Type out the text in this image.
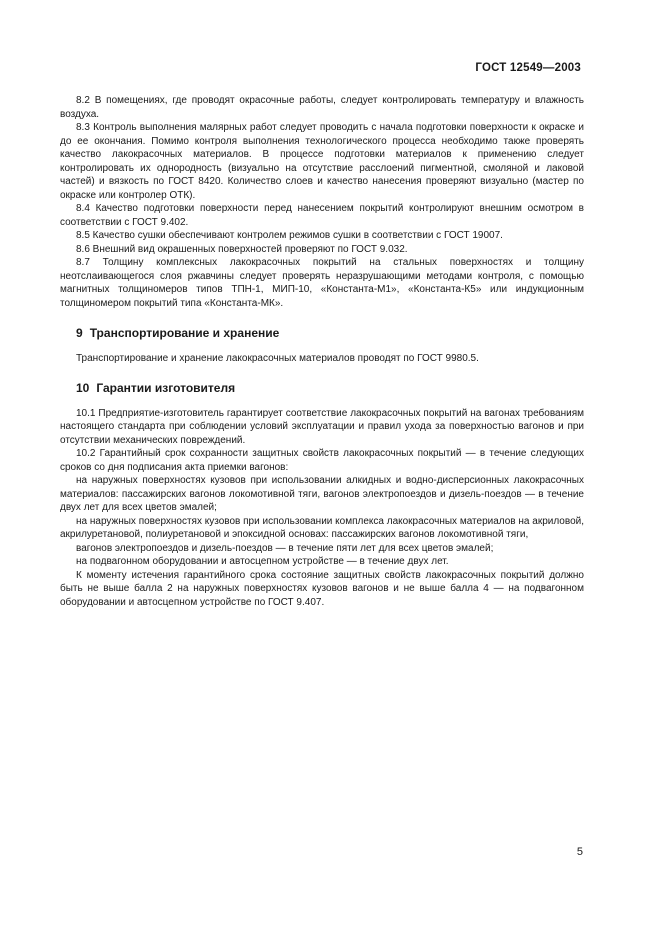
ГОСТ 12549—2003

8.2 В помещениях, где проводят окрасочные работы, следует контролировать температуру и влажность воздуха.

8.3 Контроль выполнения малярных работ следует проводить с начала подготовки поверхности к окраске и до ее окончания. Помимо контроля выполнения технологического процесса необходимо также проверять качество лакокрасочных материалов. В процессе подготовки материалов к применению следует контролировать их однородность (визуально на отсутствие расслоений пигментной, смоляной и лаковой частей) и вязкость по ГОСТ 8420. Количество слоев и качество нанесения проверяют визуально (мастер по окраске или контролер ОТК).

8.4 Качество подготовки поверхности перед нанесением покрытий контролируют внешним осмотром в соответствии с ГОСТ 9.402.

8.5 Качество сушки обеспечивают контролем режимов сушки в соответствии с ГОСТ 19007.

8.6 Внешний вид окрашенных поверхностей проверяют по ГОСТ 9.032.

8.7 Толщину комплексных лакокрасочных покрытий на стальных поверхностях и толщину неотслаивающегося слоя ржавчины следует проверять неразрушающими методами контроля, с помощью магнитных толщиномеров типов ТПН-1, МИП-10, «Константа-М1», «Константа-К5» или индукционным толщиномером покрытий типа «Константа-МК».

9 Транспортирование и хранение

Транспортирование и хранение лакокрасочных материалов проводят по ГОСТ 9980.5.

10 Гарантии изготовителя

10.1 Предприятие-изготовитель гарантирует соответствие лакокрасочных покрытий на вагонах требованиям настоящего стандарта при соблюдении условий эксплуатации и правил ухода за поверхностью вагонов и при отсутствии механических повреждений.

10.2 Гарантийный срок сохранности защитных свойств лакокрасочных покрытий — в течение следующих сроков со дня подписания акта приемки вагонов:

на наружных поверхностях кузовов при использовании алкидных и водно-дисперсионных лакокрасочных материалов: пассажирских вагонов локомотивной тяги, вагонов электропоездов и дизель-поездов — в течение двух лет для всех цветов эмалей;

на наружных поверхностях кузовов при использовании комплекса лакокрасочных материалов на акриловой, акрилуретановой, полиуретановой и эпоксидной основах: пассажирских вагонов локомотивной тяги,

вагонов электропоездов и дизель-поездов — в течение пяти лет для всех цветов эмалей;

на подвагонном оборудовании и автосцепном устройстве — в течение двух лет.

К моменту истечения гарантийного срока состояние защитных свойств лакокрасочных покрытий должно быть не выше балла 2 на наружных поверхностях кузовов вагонов и не выше балла 4 — на подвагонном оборудовании и автосцепном устройстве по ГОСТ 9.407.

5
